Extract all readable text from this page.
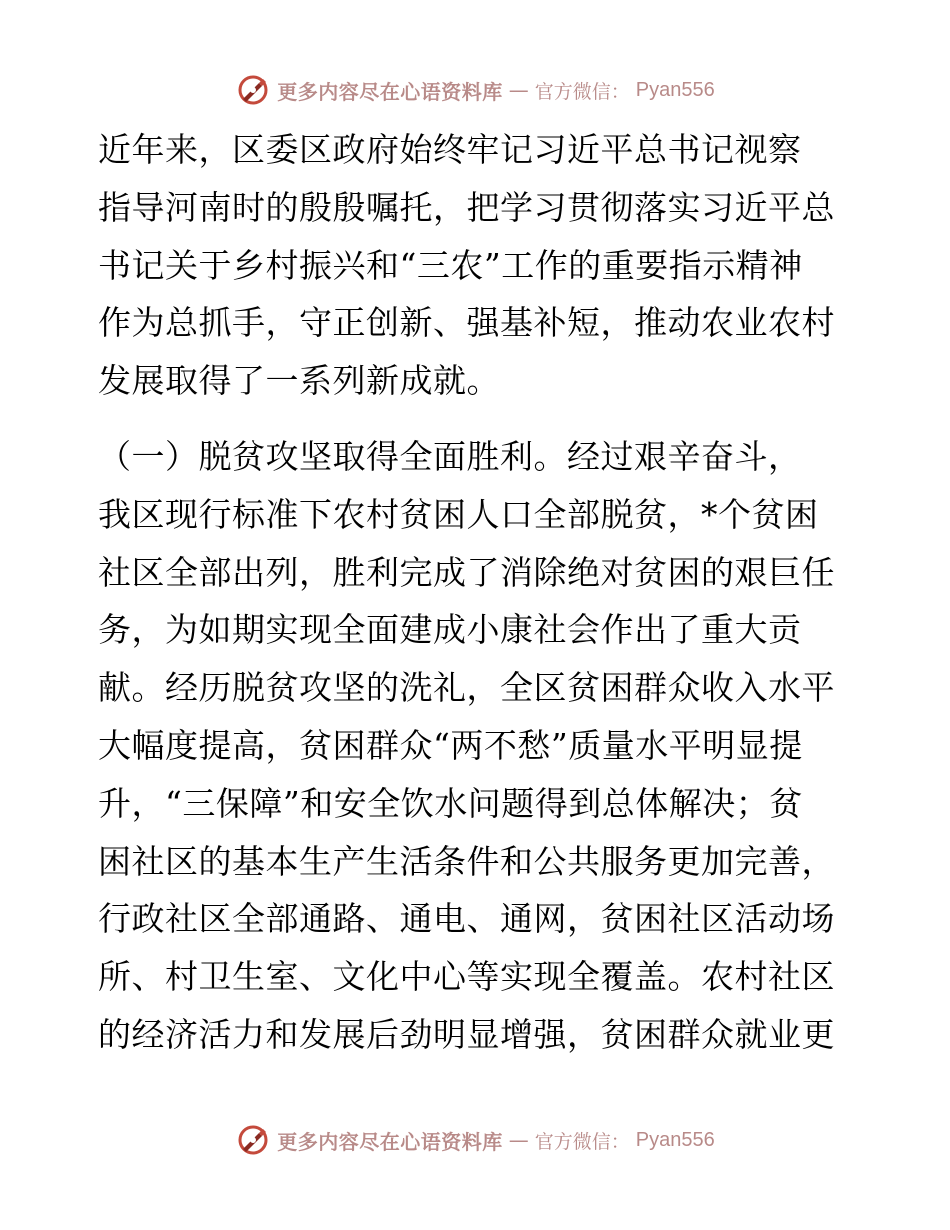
更多内容尽在心语资料库 — 官方微信： Pyan556
近年来，区委区政府始终牢记习近平总书记视察
指导河南时的殷殷嘱托，把学习贯彻落实习近平总
书记关于乡村振兴和“三农”工作的重要指示精神
作为总抓手，守正创新、强基补短，推动农业农村
发展取得了一系列新成就。
（一）脱贫攻坚取得全面胜利。经过艰辛奋斗，
我区现行标准下农村贫困人口全部脱贫，*个贫困
社区全部出列，胜利完成了消除绝对贫困的艰巨任
务，为如期实现全面建成小康社会作出了重大贡
献。经历脱贫攻坚的洗礼，全区贫困群众收入水平
大幅度提高，贫困群众“两不愁”质量水平明显提
升，“三保障”和安全饮水问题得到总体解决；贫
困社区的基本生产生活条件和公共服务更加完善，
行政社区全部通路、通电、通网，贫困社区活动场
所、村卫生室、文化中心等实现全覆盖。农村社区
的经济活力和发展后劲明显增强，贫困群众就业更
更多内容尽在心语资料库 — 官方微信： Pyan556
